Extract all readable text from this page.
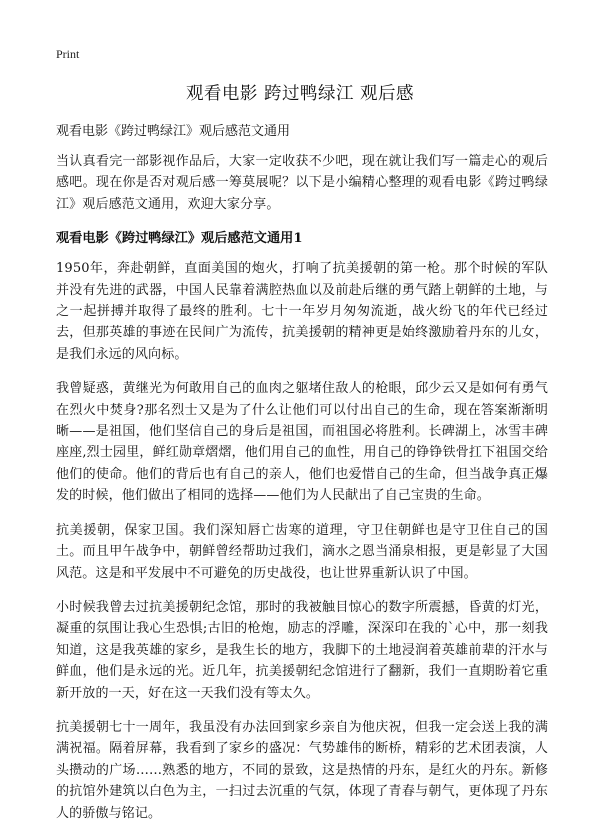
Print
观看电影 跨过鸭绿江 观后感

观看电影《跨过鸭绿江》观后感范文通用

当认真看完一部影视作品后，大家一定收获不少吧，现在就让我们写一篇走心的观后感吧。现在你是否对观后感一筹莫展呢？以下是小编精心整理的观看电影《跨过鸭绿江》观后感范文通用，欢迎大家分享。

观看电影《跨过鸭绿江》观后感范文通用1

1950年，奔赴朝鲜，直面美国的炮火，打响了抗美援朝的第一枪。那个时候的军队并没有先进的武器，中国人民靠着满腔热血以及前赴后继的勇气踏上朝鲜的土地，与之一起拼搏并取得了最终的胜利。七十一年岁月匆匆流逝，战火纷飞的年代已经过去，但那英雄的事迹在民间广为流传，抗美援朝的精神更是始终激励着丹东的儿女，是我们永远的风向标。

我曾疑惑，黄继光为何敢用自己的血肉之躯堵住敌人的枪眼，邱少云又是如何有勇气在烈火中焚身?那名烈士又是为了什么让他们可以付出自己的生命，现在答案渐渐明晰——是祖国，他们坚信自己的身后是祖国，而祖国必将胜利。长碑湖上，冰雪丰碑座座,烈士园里，鲜红勋章熠熠，他们用自己的血性，用自己的铮铮铁骨扛下祖国交给他们的使命。他们的背后也有自己的亲人，他们也爱惜自己的生命，但当战争真正爆发的时候，他们做出了相同的选择——他们为人民献出了自己宝贵的生命。

抗美援朝，保家卫国。我们深知唇亡齿寒的道理，守卫住朝鲜也是守卫住自己的国土。而且甲午战争中，朝鲜曾经帮助过我们，滴水之恩当涌泉相报，更是彰显了大国风范。这是和平发展中不可避免的历史战役，也让世界重新认识了中国。

小时候我曾去过抗美援朝纪念馆，那时的我被触目惊心的数字所震撼，昏黄的灯光，凝重的氛围让我心生恐惧;古旧的枪炮，励志的浮雕，深深印在我的`心中，那一刻我知道，这是我英雄的家乡，是我生长的地方，我脚下的土地浸润着英雄前辈的汗水与鲜血，他们是永远的光。近几年，抗美援朝纪念馆进行了翻新，我们一直期盼着它重新开放的一天，好在这一天我们没有等太久。

抗美援朝七十一周年，我虽没有办法回到家乡亲自为他庆祝，但我一定会送上我的满满祝福。隔着屏幕，我看到了家乡的盛况：气势雄伟的断桥，精彩的艺术团表演，人头攒动的广场……熟悉的地方，不同的景致，这是热情的丹东，是红火的丹东。新修的抗馆外建筑以白色为主，一扫过去沉重的气氛，体现了青春与朝气，更体现了丹东人的骄傲与铭记。
